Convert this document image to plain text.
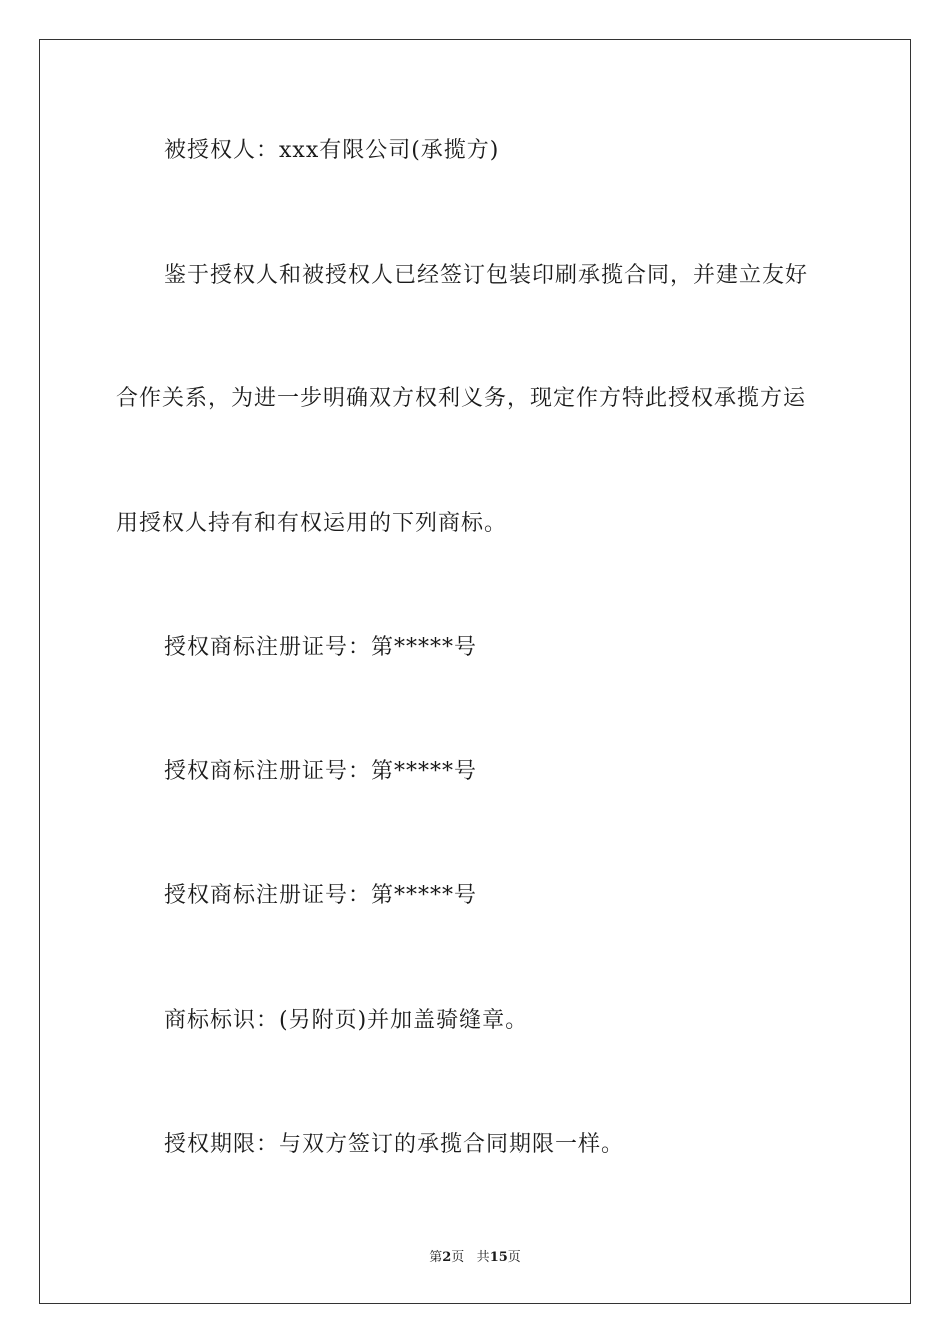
被授权人：xxx有限公司(承揽方)
鉴于授权人和被授权人已经签订包装印刷承揽合同，并建立友好
合作关系，为进一步明确双方权利义务，现定作方特此授权承揽方运
用授权人持有和有权运用的下列商标。
授权商标注册证号：第*****号
授权商标注册证号：第*****号
授权商标注册证号：第*****号
商标标识：(另附页)并加盖骑缝章。
授权期限：与双方签订的承揽合同期限一样。
第2页 共15页
